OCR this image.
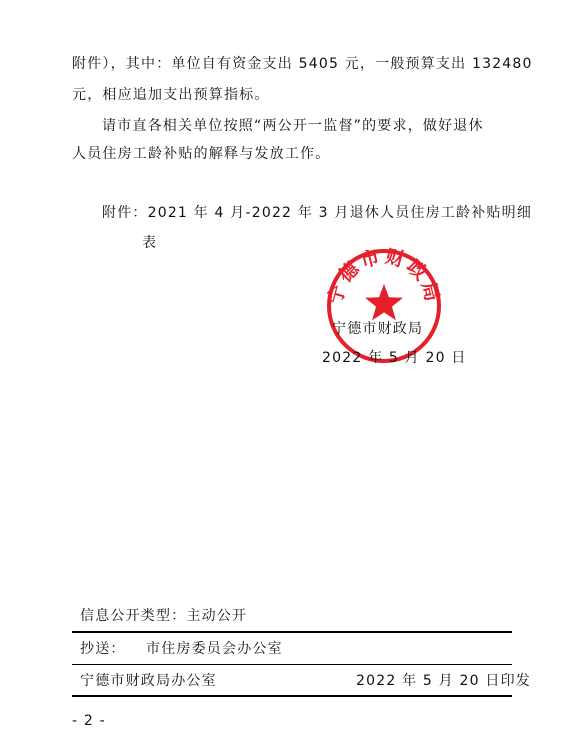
附件），其中：单位自有资金支出 5405 元，一般预算支出 132480
元，相应追加支出预算指标。
请市直各相关单位按照“两公开一监督”的要求，做好退休
人员住房工龄补贴的解释与发放工作。
附件：2021 年 4 月-2022 年 3 月退休人员住房工龄补贴明细
表
宁德市财政局
宁德市财政局
2022 年 5 月 20 日
信息公开类型：主动公开
抄送： 市住房委员会办公室
宁德市财政局办公室	2022 年 5 月 20 日印发
- 2 -
